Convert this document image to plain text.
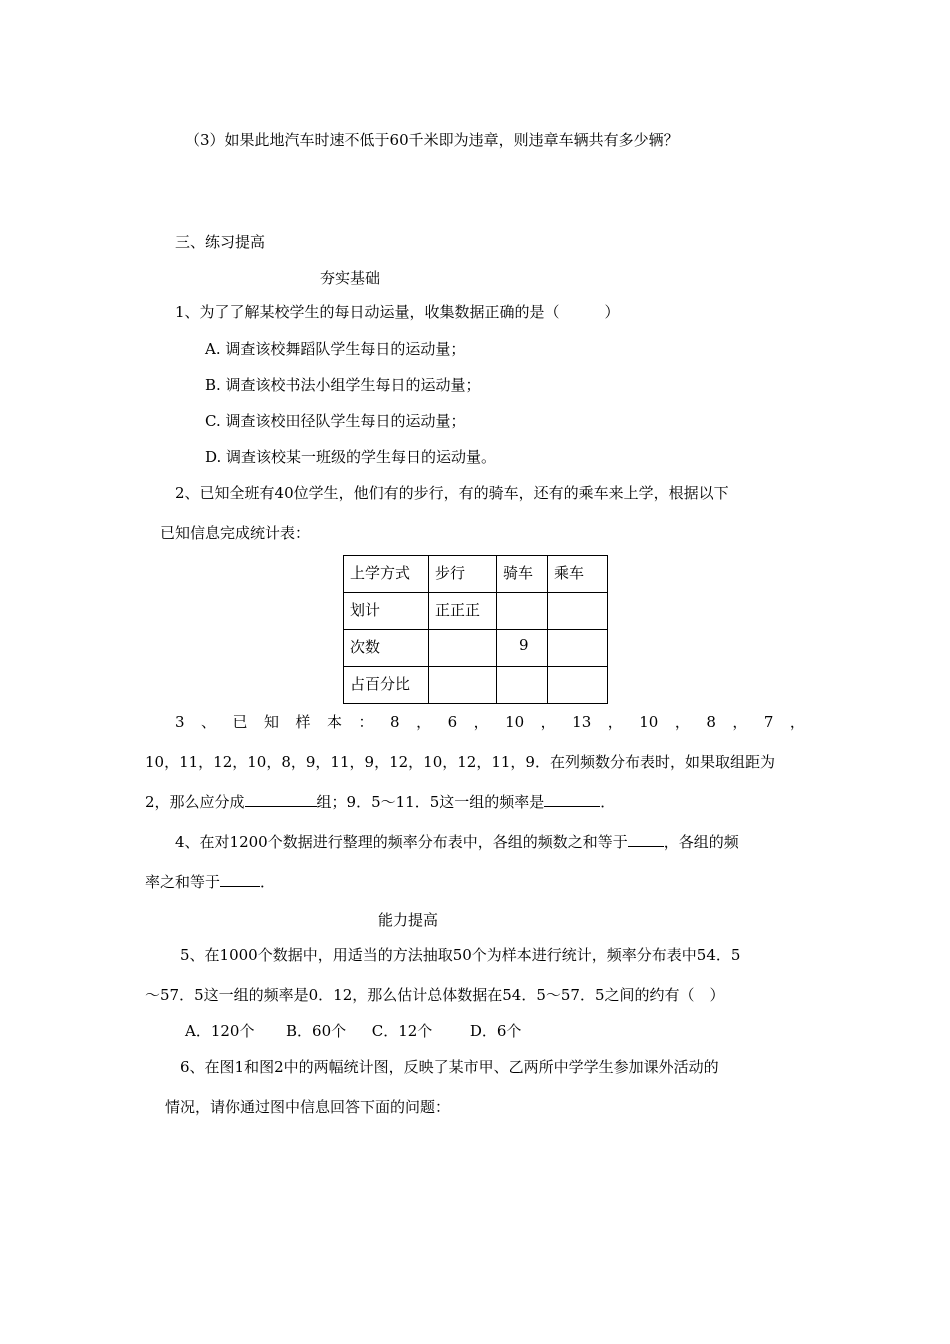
（3）如果此地汽车时速不低于60千米即为违章，则违章车辆共有多少辆？
三、练习提高
夯实基础
1、为了了解某校学生的每日动运量，收集数据正确的是（　　　）
A. 调查该校舞蹈队学生每日的运动量；
B. 调查该校书法小组学生每日的运动量；
C. 调查该校田径队学生每日的运动量；
D. 调查该校某一班级的学生每日的运动量。
2、已知全班有40位学生，他们有的步行，有的骑车，还有的乘车来上学，根据以下
已知信息完成统计表：
上学方式	步行	骑车	乘车
划计	正正正		
次数		9	
占百分比			
3 、 已 知 样 本 ： 8 ， 6 ， 10 ， 13 ， 10 ， 8 ， 7 ，
10，11，12，10，8，9，11，9，12，10，12，11，9．在列频数分布表时，如果取组距为
2，那么应分成	组；9．5～11．5这一组的频率是	．
4、在对1200个数据进行整理的频率分布表中，各组的频数之和等于 ，各组的频
率之和等于	．
能力提高
5、在1000个数据中，用适当的方法抽取50个为样本进行统计，频率分布表中54．5
～57．5这一组的频率是0．12，那么估计总体数据在54．5～57．5之间的约有（　）
A．120个 B．60个 C．12个	D．6个
6、在图1和图2中的两幅统计图，反映了某市甲、乙两所中学学生参加课外活动的
情况，请你通过图中信息回答下面的问题：
